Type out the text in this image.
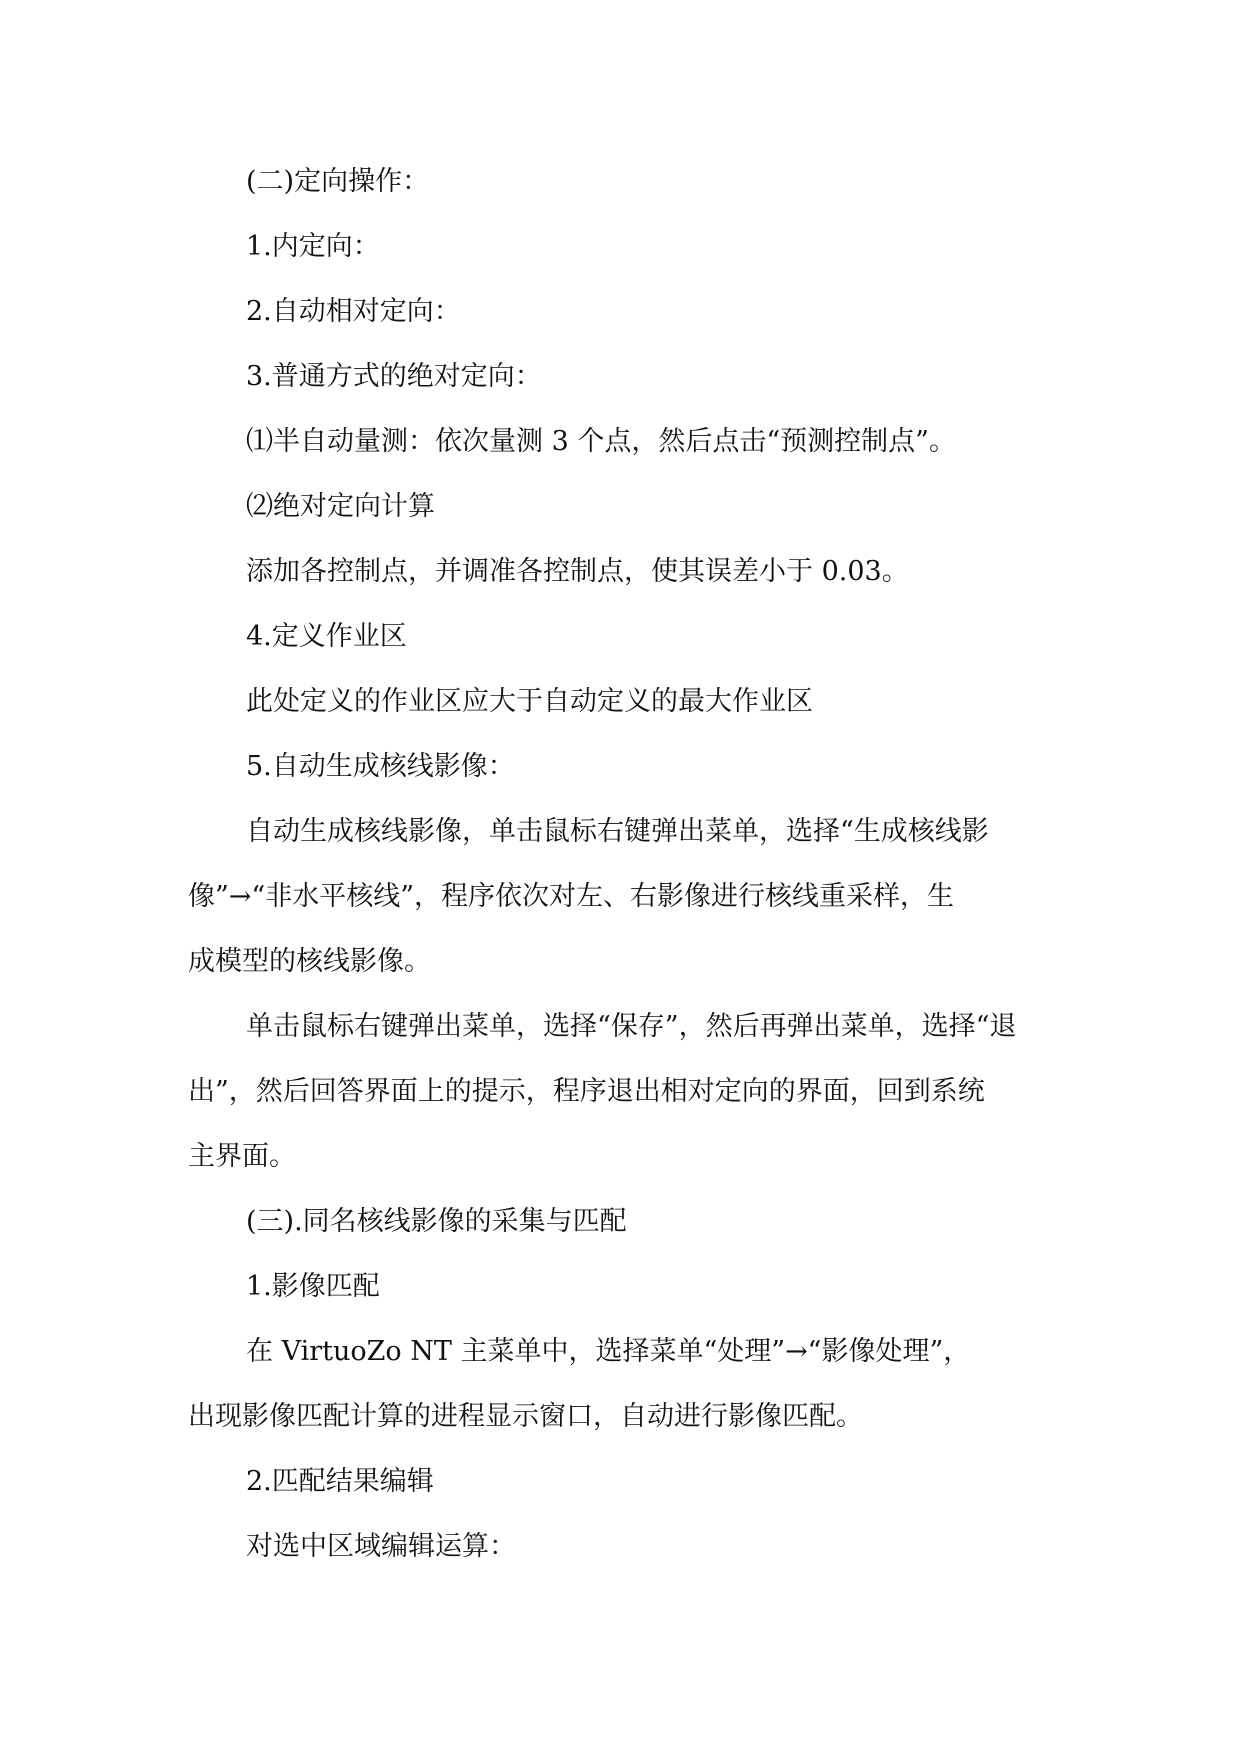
(二)定向操作：

1.内定向：

2.自动相对定向：

3.普通方式的绝对定向：

⑴半自动量测：依次量测 3 个点，然后点击“预测控制点”。

⑵绝对定向计算

添加各控制点，并调准各控制点，使其误差小于 0.03。

4.定义作业区

此处定义的作业区应大于自动定义的最大作业区

5.自动生成核线影像：

自动生成核线影像，单击鼠标右键弹出菜单，选择“生成核线影

像”→“非水平核线”，程序依次对左、右影像进行核线重采样，生

成模型的核线影像。

单击鼠标右键弹出菜单，选择“保存”，然后再弹出菜单，选择“退

出”，然后回答界面上的提示，程序退出相对定向的界面，回到系统

主界面。

(三).同名核线影像的采集与匹配

1.影像匹配

在 VirtuoZo NT 主菜单中，选择菜单“处理”→“影像处理”，

出现影像匹配计算的进程显示窗口，自动进行影像匹配。

2.匹配结果编辑

对选中区域编辑运算：
